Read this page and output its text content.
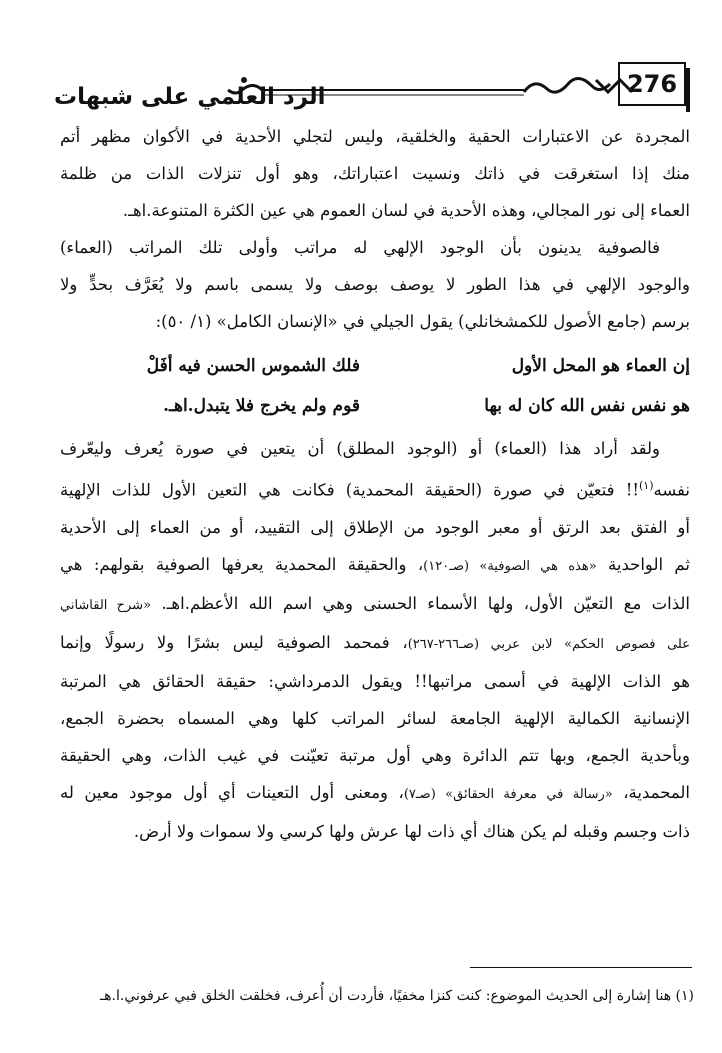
276
الرد العلمي على شبهات

المجردة عن الاعتبارات الحقية والخلقية، وليس لتجلي الأحدية في الأكوان مظهر أتم

منك إذا استغرقت في ذاتك ونسيت اعتباراتك، وهو أول تنزلات الذات من ظلمة

العماء إلى نور المجالي، وهذه الأحدية في لسان العموم هي عين الكثرة المتنوعة.اهـ.

فالصوفية يدينون بأن الوجود الإلهي له مراتب وأولى تلك المراتب (العماء)

والوجود الإلهي في هذا الطور لا يوصف بوصف ولا يسمى باسم ولا يُعَرَّف بحدٍّ ولا

برسم (جامع الأصول للكمشخانلي) يقول الجيلي في «الإنسان الكامل» (١/ ٥٠):

إن العماء هو المحل الأول
فلك الشموس الحسن فيه أفَلْ
هو نفس نفس الله كان له بها
قوم ولم يخرج فلا يتبدل.اهـ.

ولقد أراد هذا (العماء) أو (الوجود المطلق) أن يتعين في صورة يُعرف وليعّرف

نفسه$^{(١)}$!! فتعيّن في صورة (الحقيقة المحمدية) فكانت هي التعين الأول للذات الإلهية

أو الفتق بعد الرتق أو معبر الوجود من الإطلاق إلى التقييد، أو من العماء إلى الأحدية

ثم الواحدية «هذه هي الصوفية» (صـ١٢٠)، والحقيقة المحمدية يعرفها الصوفية بقولهم: هي

الذات مع التعيّن الأول، ولها الأسماء الحسنى وهي اسم الله الأعظم.اهـ. «شرح القاشاني

على فصوص الحكم» لابن عربي (صـ٢٦٦-٢٦٧)، فمحمد الصوفية ليس بشرًا ولا رسولًا وإنما

هو الذات الإلهية في أسمى مراتبها!! ويقول الدمرداشي: حقيقة الحقائق هي المرتبة

الإنسانية الكمالية الإلهية الجامعة لسائر المراتب كلها وهي المسماه بحضرة الجمع،

وبأحدية الجمع، وبها تتم الدائرة وهي أول مرتبة تعيّنت في غيب الذات، وهي الحقيقة

المحمدية، «رسالة في معرفة الحقائق» (صـ٧)، ومعنى أول التعينات أي أول موجود معين له

ذات وجسم وقبله لم يكن هناك أي ذات لها عرش ولها كرسي ولا سموات ولا أرض.

(١) هنا إشارة إلى الحديث الموضوع: كنت كنزا مخفيًا، فأردت أن أُعرف، فخلقت الخلق فبي عرفوني.ا.هـ
